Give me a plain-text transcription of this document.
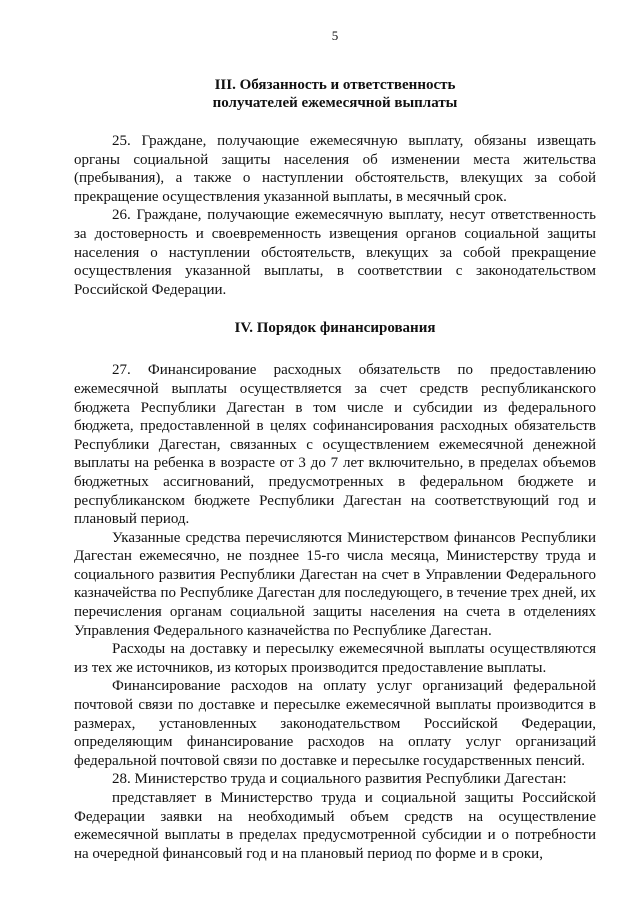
5

III. Обязанность и ответственность

получателей ежемесячной выплаты

25. Граждане, получающие ежемесячную выплату, обязаны извещать органы социальной защиты населения об изменении места жительства (пребывания), а также о наступлении обстоятельств, влекущих за собой прекращение осуществления указанной выплаты, в месячный срок.

26. Граждане, получающие ежемесячную выплату, несут ответственность за достоверность и своевременность извещения органов социальной защиты населения о наступлении обстоятельств, влекущих за собой прекращение осуществления указанной выплаты, в соответствии с законодательством Российской Федерации.

IV. Порядок финансирования

27. Финансирование расходных обязательств по предоставлению ежемесячной выплаты осуществляется за счет средств республиканского бюджета Республики Дагестан в том числе и субсидии из федерального бюджета, предоставленной в целях софинансирования расходных обязательств Республики Дагестан, связанных с осуществлением ежемесячной денежной выплаты на ребенка в возрасте от 3 до 7 лет включительно, в пределах объемов бюджетных ассигнований, предусмотренных в федеральном бюджете и республиканском бюджете Республики Дагестан на соответствующий год и плановый период.

Указанные средства перечисляются Министерством финансов Республики Дагестан ежемесячно, не позднее 15-го числа месяца, Министерству труда и социального развития Республики Дагестан на счет в Управлении Федерального казначейства по Республике Дагестан для последующего, в течение трех дней, их перечисления органам социальной защиты населения на счета в отделениях Управления Федерального казначейства по Республике Дагестан.

Расходы на доставку и пересылку ежемесячной выплаты осуществляются из тех же источников, из которых производится предоставление выплаты.

Финансирование расходов на оплату услуг организаций федеральной почтовой связи по доставке и пересылке ежемесячной выплаты производится в размерах, установленных законодательством Российской Федерации, определяющим финансирование расходов на оплату услуг организаций федеральной почтовой связи по доставке и пересылке государственных пенсий.

28. Министерство труда и социального развития Республики Дагестан:

представляет в Министерство труда и социальной защиты Российской Федерации заявки на необходимый объем средств на осуществление ежемесячной выплаты в пределах предусмотренной субсидии и о потребности на очередной финансовый год и на плановый период по форме и в сроки,
